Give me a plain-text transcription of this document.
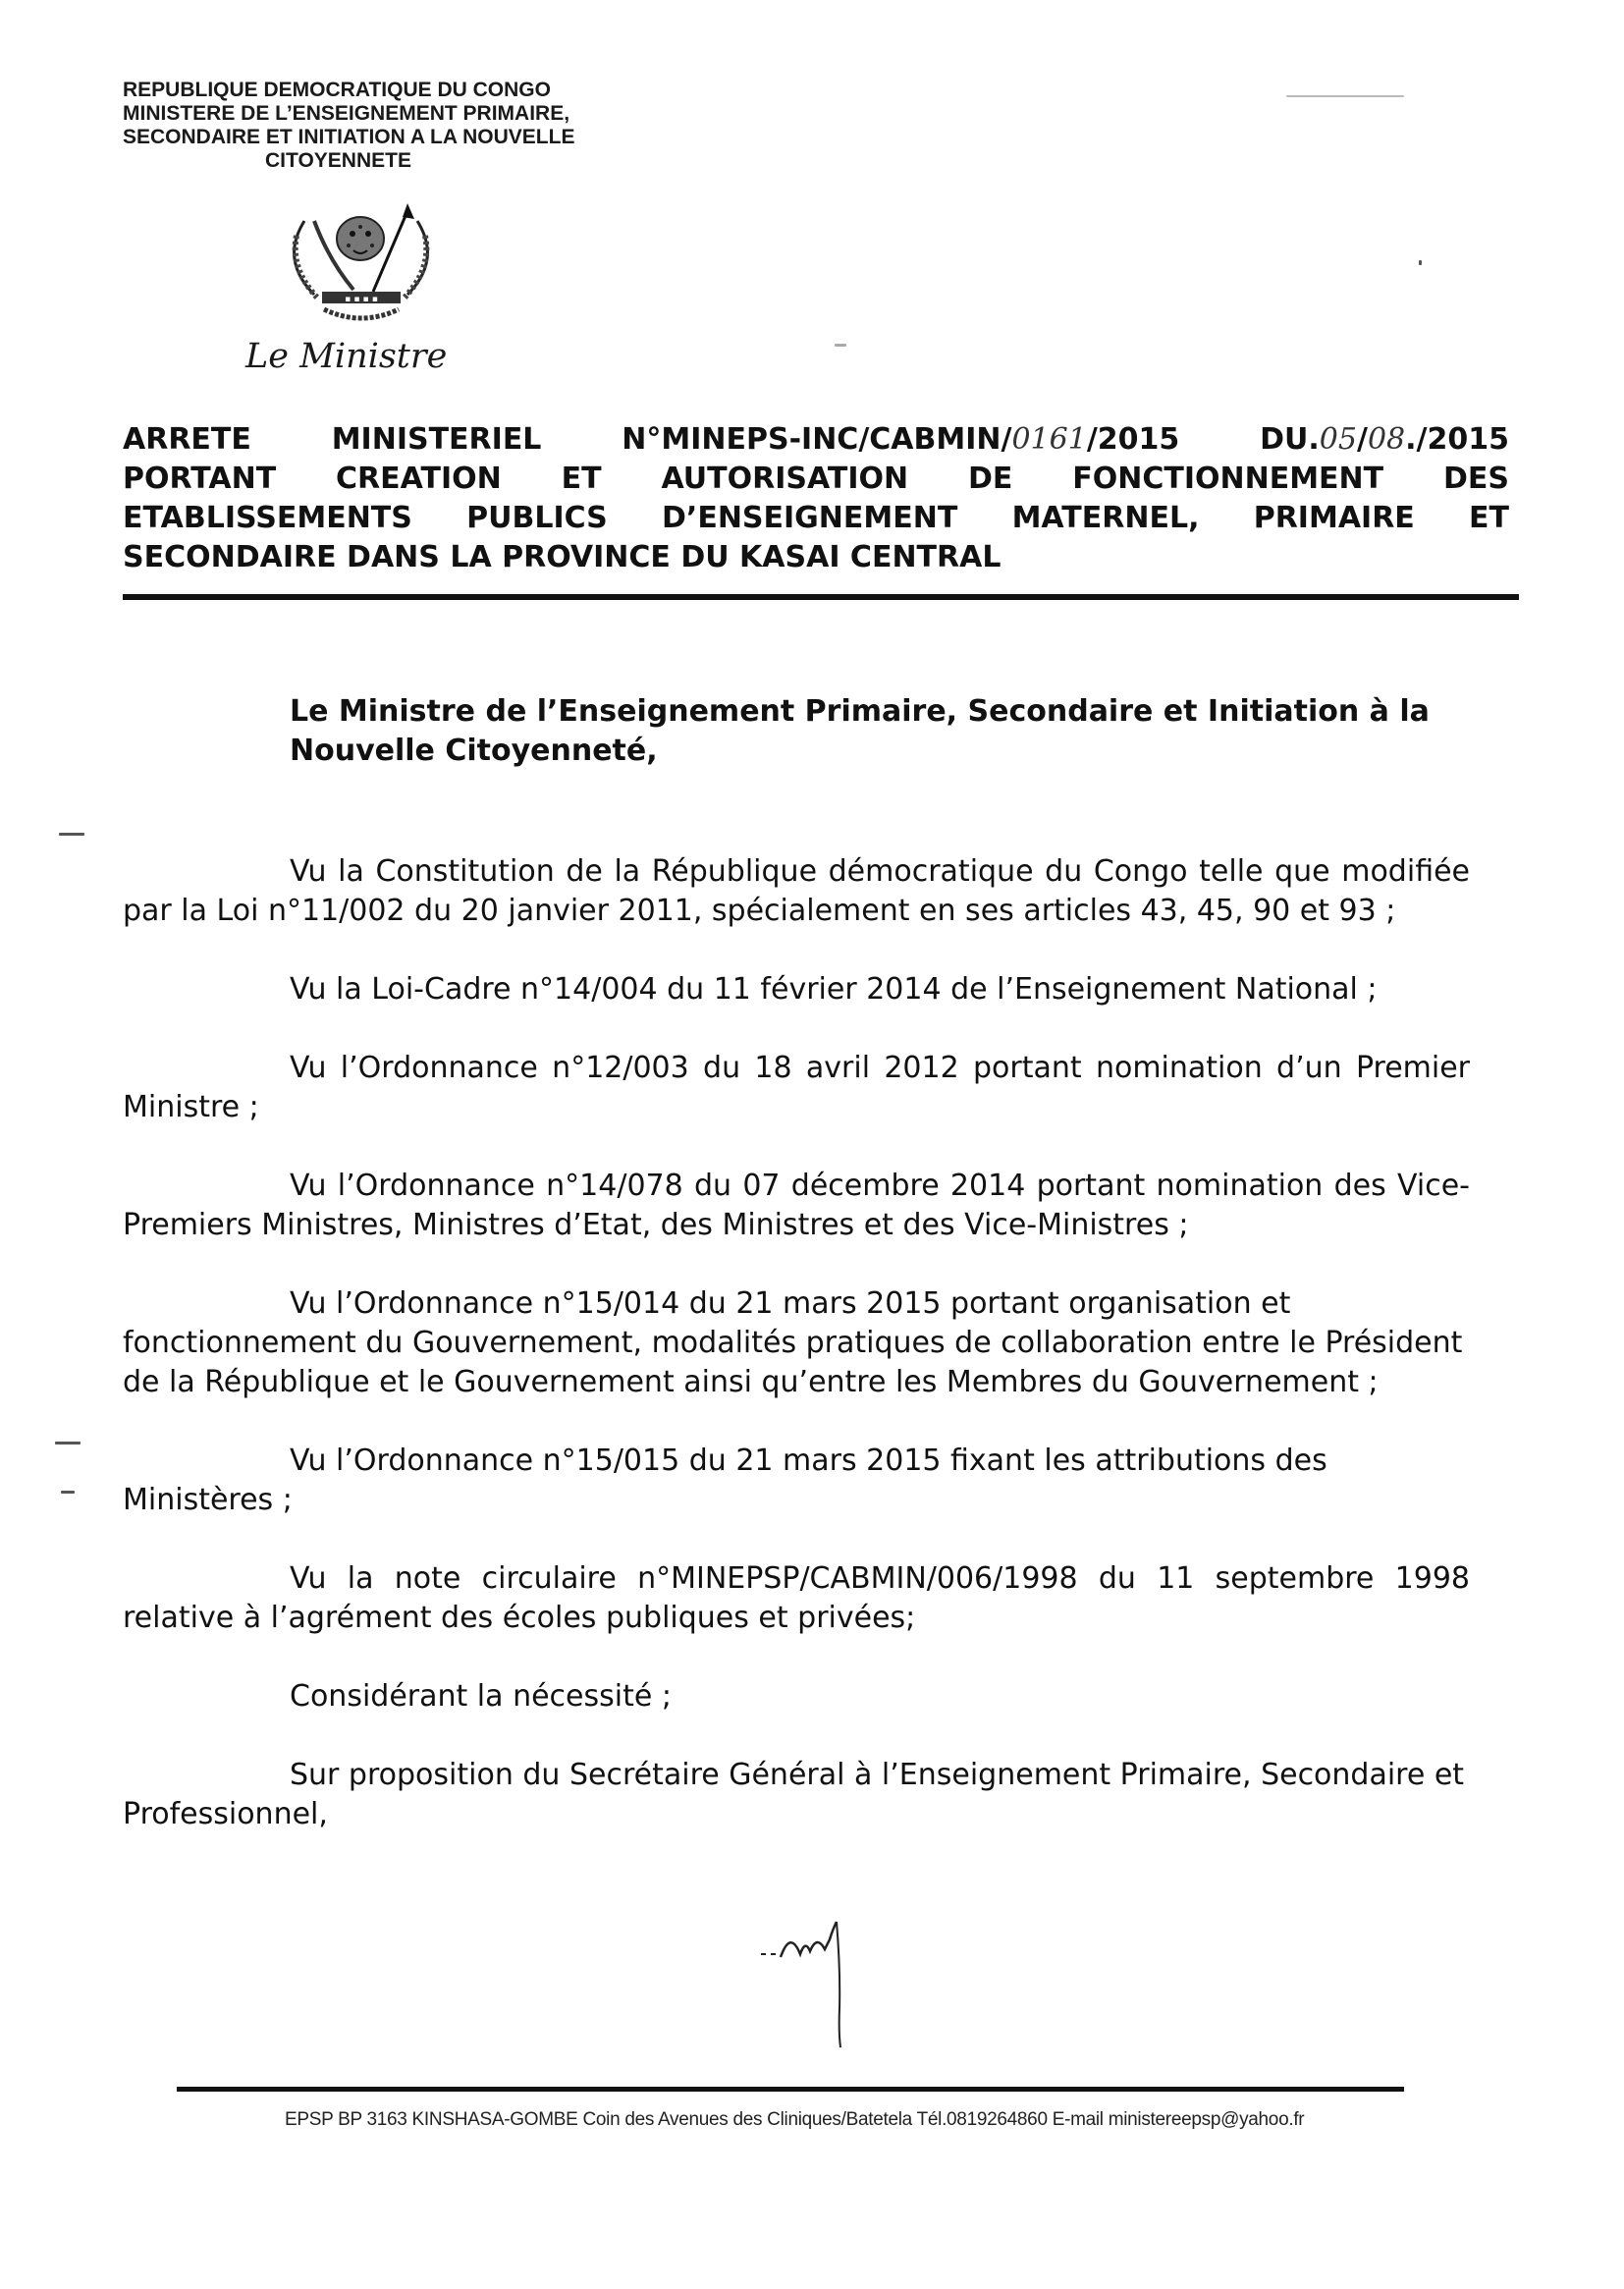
REPUBLIQUE DEMOCRATIQUE DU CONGO
MINISTERE DE L’ENSEIGNEMENT PRIMAIRE,
SECONDAIRE ET INITIATION A LA NOUVELLE
CITOYENNETE
▪ ▪ ▪ ▪
Le Ministre
ARRETE	MINISTERIEL	N°MINEPS-INC/CABMIN/0161/2015	DU.05/08./2015
PORTANT CREATION ET AUTORISATION DE FONCTIONNEMENT DES
ETABLISSEMENTS PUBLICS D’ENSEIGNEMENT MATERNEL, PRIMAIRE ET
SECONDAIRE DANS LA PROVINCE DU KASAI CENTRAL
Le Ministre de l’Enseignement Primaire, Secondaire et Initiation à la Nouvelle Citoyenneté,
Vu la Constitution de la République démocratique du Congo telle que modifiée par la Loi n°11/002 du 20 janvier 2011, spécialement en ses articles 43, 45, 90 et 93 ;
Vu la Loi-Cadre n°14/004 du 11 février 2014 de l’Enseignement National ;
Vu l’Ordonnance n°12/003 du 18 avril 2012 portant nomination d’un Premier Ministre ;
Vu l’Ordonnance n°14/078 du 07 décembre 2014 portant nomination des Vice-Premiers Ministres, Ministres d’Etat, des Ministres et des Vice-Ministres ;
Vu l’Ordonnance n°15/014 du 21 mars 2015 portant organisation et fonctionnement du Gouvernement, modalités pratiques de collaboration entre le Président de la République et le Gouvernement ainsi qu’entre les Membres du Gouvernement ;
Vu l’Ordonnance n°15/015 du 21 mars 2015 fixant les attributions des Ministères ;
Vu la note circulaire n°MINEPSP/CABMIN/006/1998 du 11 septembre 1998 relative à l’agrément des écoles publiques et privées;
Considérant la nécessité ;
Sur proposition du Secrétaire Général à l’Enseignement Primaire, Secondaire et Professionnel,
EPSP BP 3163 KINSHASA-GOMBE Coin des Avenues des Cliniques/Batetela Tél.0819264860 E-mail ministereepsp@yahoo.fr
